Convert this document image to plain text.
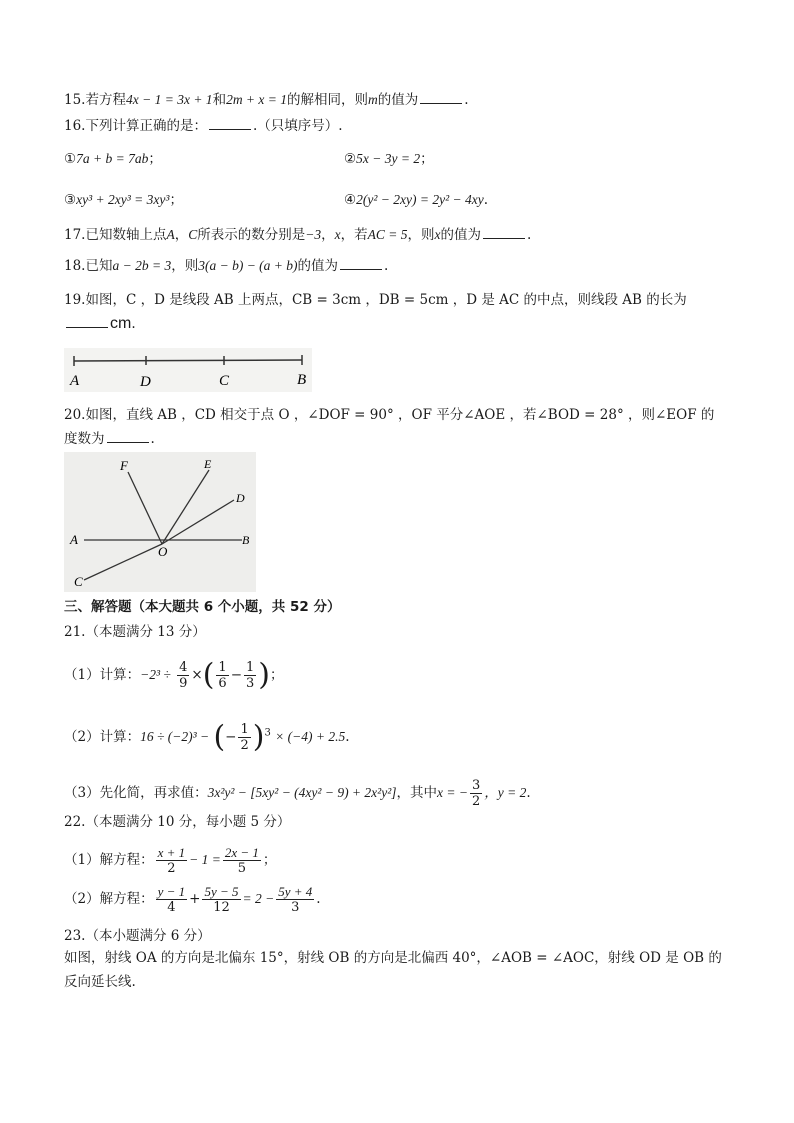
15.若方程4x − 1 = 3x + 1和2m + x = 1的解相同，则m的值为	.
16.下列计算正确的是：	.（只填序号）.
①7a + b = 7ab；	②5x − 3y = 2；
③xy³ + 2xy³ = 3xy³；	④2(y² − 2xy) = 2y² − 4xy.
17.已知数轴上点A，C所表示的数分别是−3，x，若AC = 5，则x的值为	.
18.已知a − 2b = 3，则3(a − b) − (a + b)的值为	.
19.如图，C ，D 是线段 AB 上两点，CB = 3cm ，DB = 5cm ，D 是 AC 的中点，则线段 AB 的长为
cm.
A	D	C	B
20.如图，直线 AB ，CD 相交于点 O ，∠DOF = 90° ，OF 平分∠AOE ，若∠BOD = 28° ，则∠EOF 的
度数为	.
F	E
D
A	B
O
C
三、解答题（本大题共 6 个小题，共 52 分）
21.（本题满分 13 分）
（1）计算：$-2^3 \div \frac{4}{9}$ ×( $\frac{1}{6} - \frac{1}{3}$ )；
（2）计算：16 ÷ (−2)³ − (− $\frac{1}{2} )^3 \times (-4) + 2.5$.
（3）先化简，再求值：3x²y² − [5xy² − (4xy² − 9) + 2x²y²]，其中x = − $\frac{3}{2}$ ，y = 2.
22.（本题满分 10 分，每小题 5 分）
（1）解方程： $\frac{x + 1}{2} - 1 = \frac{2x - 1}{5}$ ；
（2）解方程： $\frac{y - 1}{4} + \frac{5y - 5}{12} = 2 - \frac{5y + 4}{3}$ .
23.（本小题满分 6 分）
如图，射线 OA 的方向是北偏东 15°，射线 OB 的方向是北偏西 40°，∠AOB = ∠AOC，射线 OD 是 OB 的
反向延长线.
